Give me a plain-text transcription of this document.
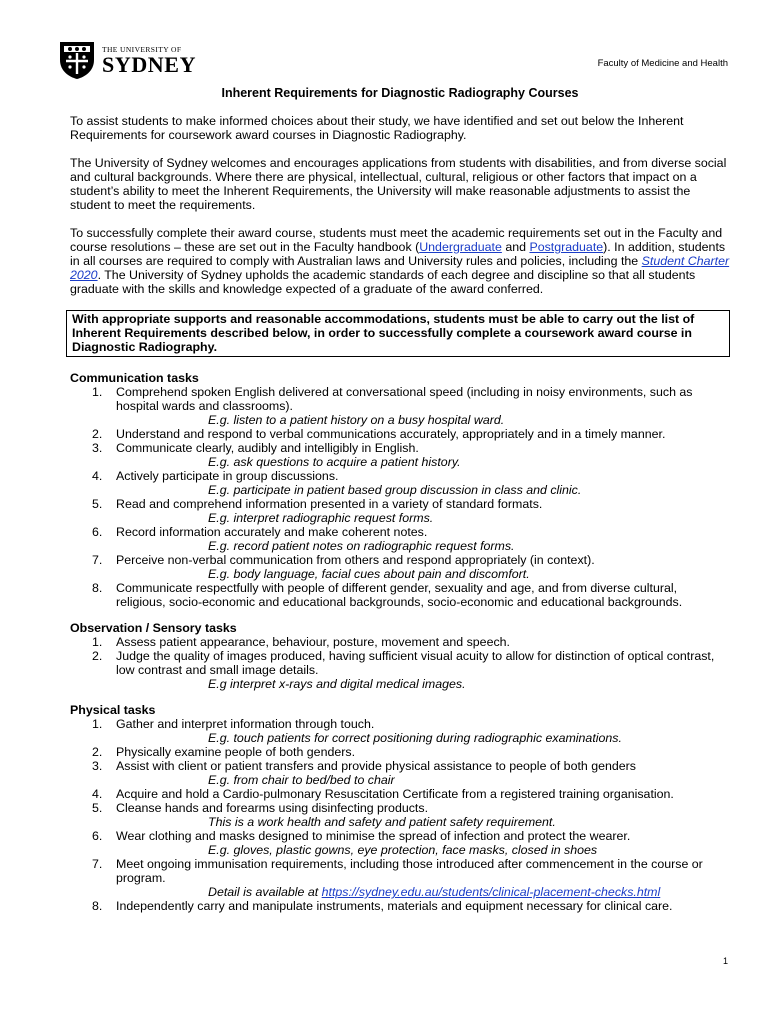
THE UNIVERSITY OF
SYDNEY	Faculty of Medicine and Health
Inherent Requirements for Diagnostic Radiography Courses

To assist students to make informed choices about their study, we have identified and set out below the Inherent Requirements for coursework award courses in Diagnostic Radiography.

The University of Sydney welcomes and encourages applications from students with disabilities, and from diverse social and cultural backgrounds. Where there are physical, intellectual, cultural, religious or other factors that impact on a student’s ability to meet the Inherent Requirements, the University will make reasonable adjustments to assist the student to meet the requirements.

To successfully complete their award course, students must meet the academic requirements set out in the Faculty and course resolutions – these are set out in the Faculty handbook (Undergraduate and Postgraduate). In addition, students in all courses are required to comply with Australian laws and University rules and policies, including the Student Charter 2020. The University of Sydney upholds the academic standards of each degree and discipline so that all students graduate with the skills and knowledge expected of a graduate of the award conferred.

With appropriate supports and reasonable accommodations, students must be able to carry out the list of Inherent Requirements described below, in order to successfully complete a coursework award course in Diagnostic Radiography.
Communication tasks
1.	Comprehend spoken English delivered at conversational speed (including in noisy environments, such as hospital wards and classrooms).
E.g. listen to a patient history on a busy hospital ward.
2.	Understand and respond to verbal communications accurately, appropriately and in a timely manner.
3.	Communicate clearly, audibly and intelligibly in English.
E.g. ask questions to acquire a patient history.
4.	Actively participate in group discussions.
E.g. participate in patient based group discussion in class and clinic.
5.	Read and comprehend information presented in a variety of standard formats.
E.g. interpret radiographic request forms.
6.	Record information accurately and make coherent notes.
E.g. record patient notes on radiographic request forms.
7.	Perceive non-verbal communication from others and respond appropriately (in context).
E.g. body language, facial cues about pain and discomfort.
8.	Communicate respectfully with people of different gender, sexuality and age, and from diverse cultural, religious, socio-economic and educational backgrounds, socio-economic and educational backgrounds.
Observation / Sensory tasks
1.	Assess patient appearance, behaviour, posture, movement and speech.
2.	Judge the quality of images produced, having sufficient visual acuity to allow for distinction of optical contrast, low contrast and small image details.
E.g interpret x-rays and digital medical images.
Physical tasks
1.	Gather and interpret information through touch.
E.g. touch patients for correct positioning during radiographic examinations.
2.	Physically examine people of both genders.
3.	Assist with client or patient transfers and provide physical assistance to people of both genders
E.g. from chair to bed/bed to chair
4.	Acquire and hold a Cardio-pulmonary Resuscitation Certificate from a registered training organisation.
5.	Cleanse hands and forearms using disinfecting products.
This is a work health and safety and patient safety requirement.
6.	Wear clothing and masks designed to minimise the spread of infection and protect the wearer.
E.g. gloves, plastic gowns, eye protection, face masks, closed in shoes
7.	Meet ongoing immunisation requirements, including those introduced after commencement in the course or program.
Detail is available at https://sydney.edu.au/students/clinical-placement-checks.html
8.	Independently carry and manipulate instruments, materials and equipment necessary for clinical care.
1
